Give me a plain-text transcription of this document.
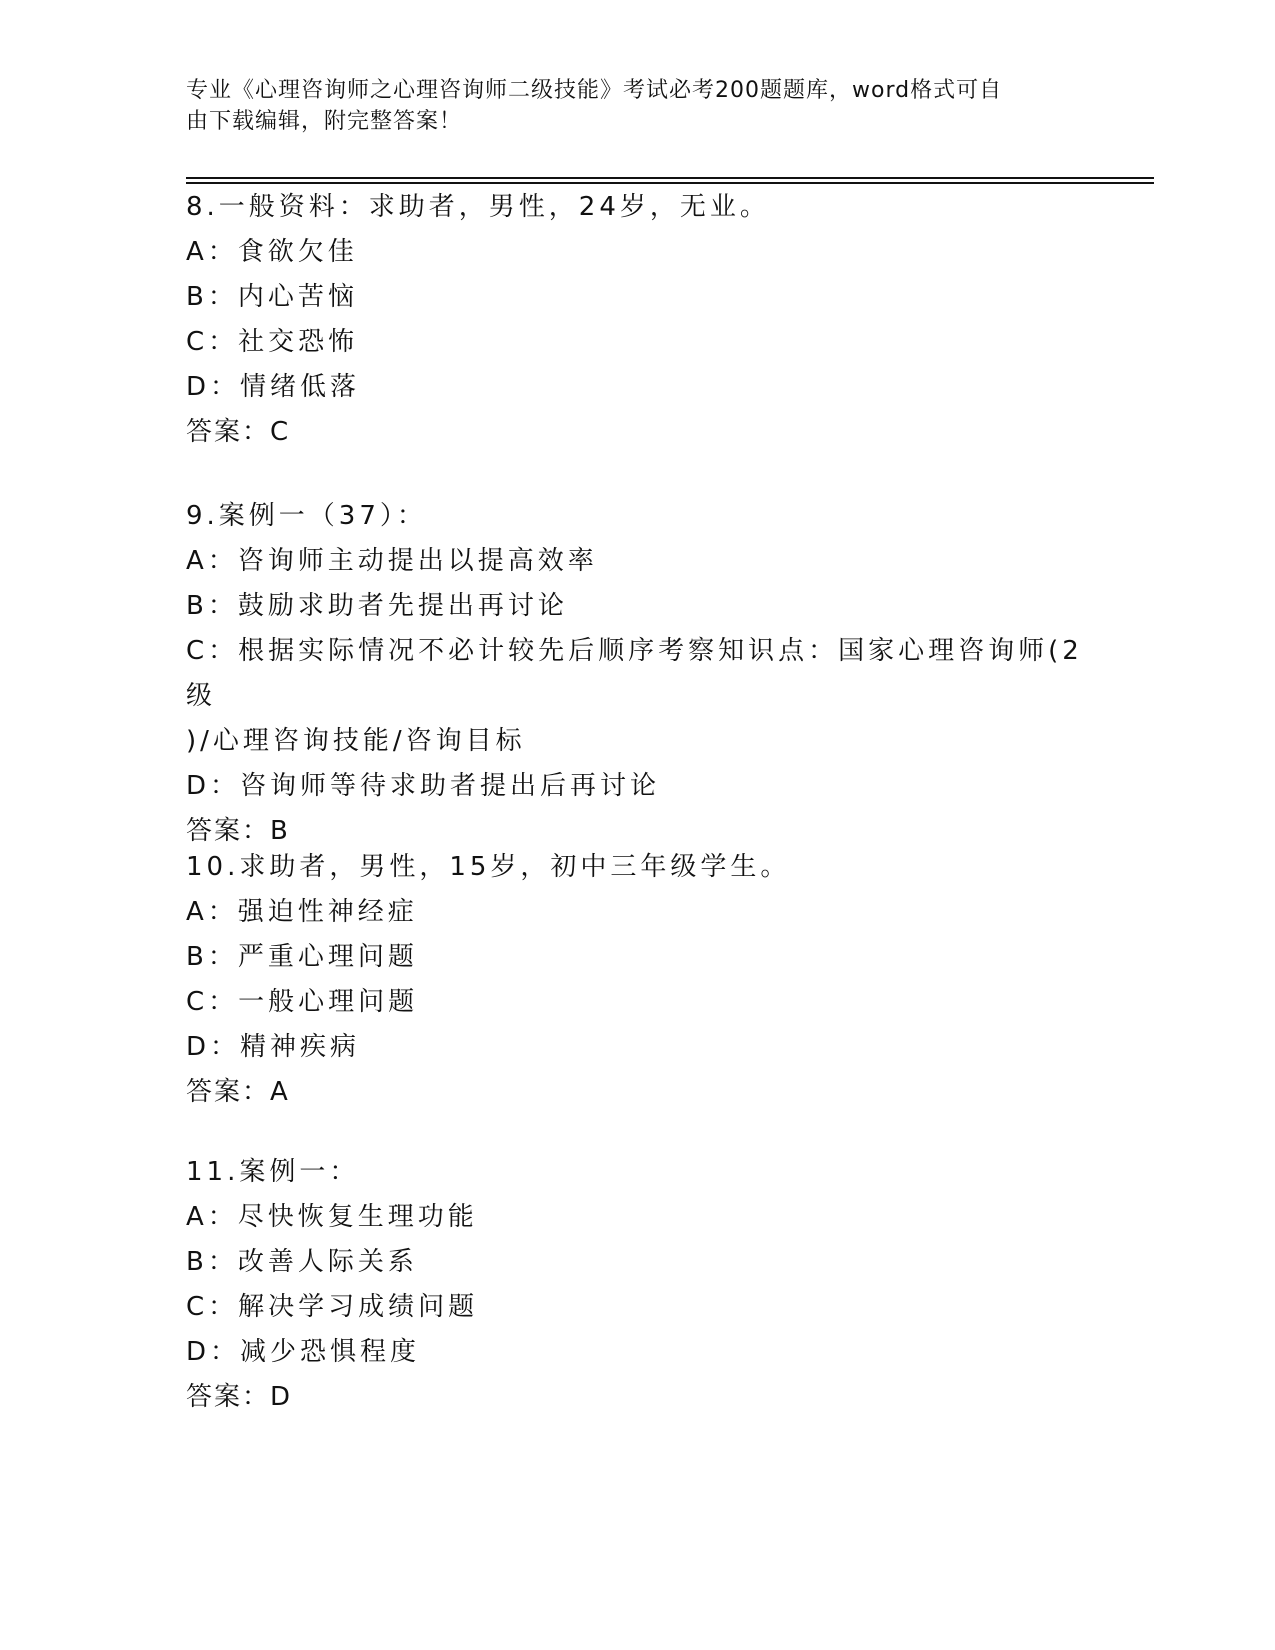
专业《心理咨询师之心理咨询师二级技能》考试必考200题题库，word格式可自
由下载编辑，附完整答案！

8.一般资料：求助者，男性，24岁，无业。

A：食欲欠佳

B：内心苦恼

C：社交恐怖

D：情绪低落

答案：C

9.案例一（37）：

A：咨询师主动提出以提高效率

B：鼓励求助者先提出再讨论

C：根据实际情况不必计较先后顺序考察知识点：国家心理咨询师(2级

)/心理咨询技能/咨询目标

D：咨询师等待求助者提出后再讨论

答案：B

10.求助者，男性，15岁，初中三年级学生。

A：强迫性神经症

B：严重心理问题

C：一般心理问题

D：精神疾病

答案：A

11.案例一：

A：尽快恢复生理功能

B：改善人际关系

C：解决学习成绩问题

D：减少恐惧程度

答案：D
